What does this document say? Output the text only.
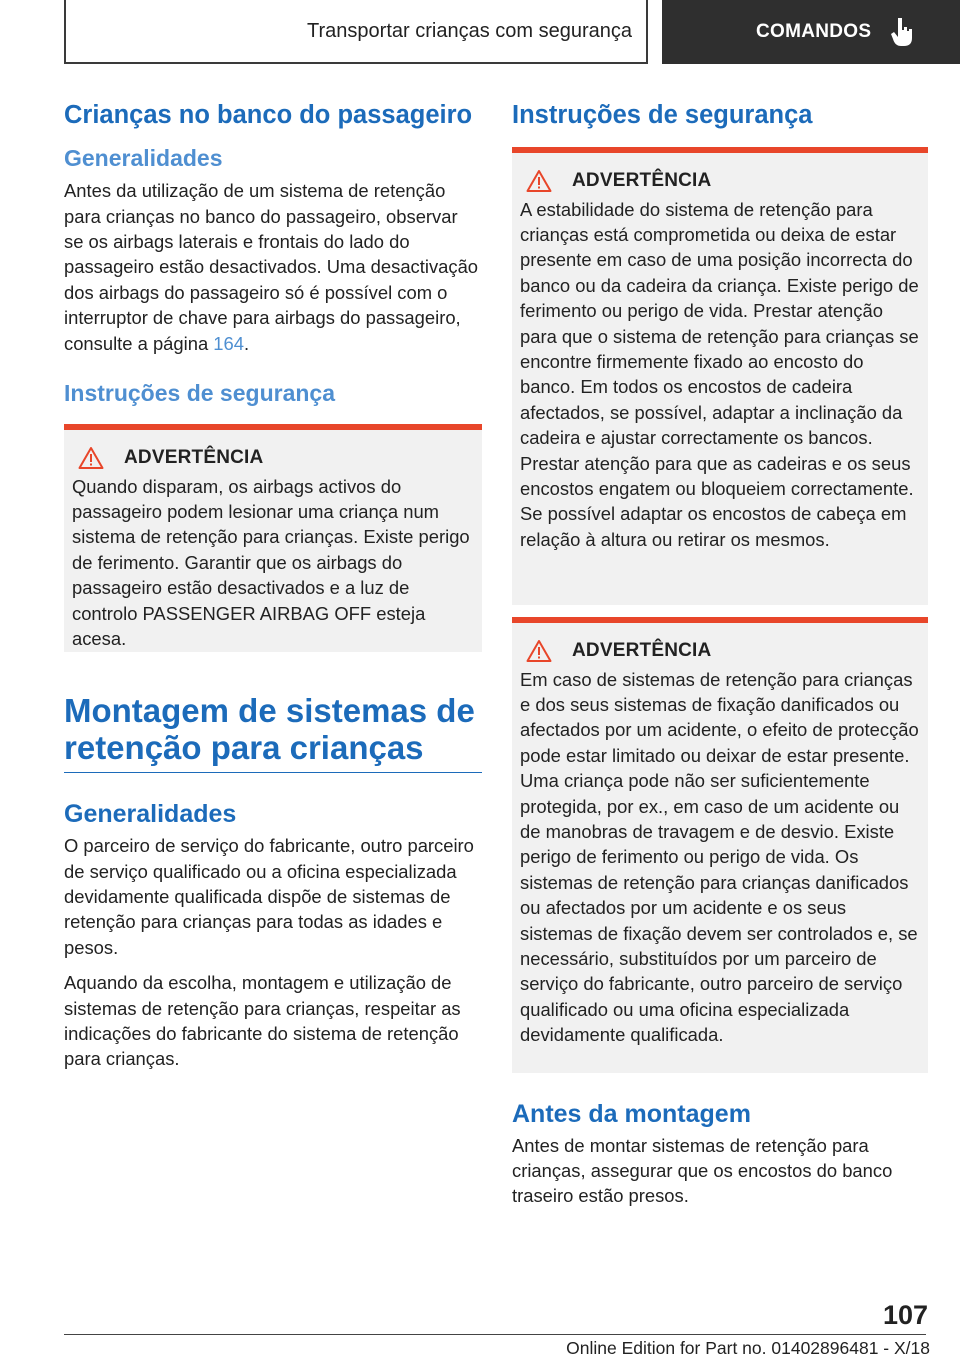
Transportar crianças com segurança	COMANDOS
Crianças no banco do passageiro
Generalidades

Antes da utilização de um sistema de retenção para crianças no banco do passageiro, observar se os airbags laterais e frontais do lado do passageiro estão desactivados. Uma desactivação dos airbags do passageiro só é possível com o interruptor de chave para airbags do passageiro, consulte a página 164.

Instruções de segurança
ADVERTÊNCIA

Quando disparam, os airbags activos do passageiro podem lesionar uma criança num sistema de retenção para crianças. Existe perigo de ferimento. Garantir que os airbags do passageiro estão desactivados e a luz de controlo PASSENGER AIRBAG OFF esteja acesa.

Montagem de sistemas de retenção para crianças
Generalidades

O parceiro de serviço do fabricante, outro parceiro de serviço qualificado ou a oficina especializada devidamente qualificada dispõe de sistemas de retenção para crianças para todas as idades e pesos.

Aquando da escolha, montagem e utilização de sistemas de retenção para crianças, respeitar as indicações do fabricante do sistema de retenção para crianças.

Instruções de segurança
ADVERTÊNCIA

A estabilidade do sistema de retenção para crianças está comprometida ou deixa de estar presente em caso de uma posição incorrecta do banco ou da cadeira da criança. Existe perigo de ferimento ou perigo de vida. Prestar atenção para que o sistema de retenção para crianças se encontre firmemente fixado ao encosto do banco. Em todos os encostos de cadeira afectados, se possível, adaptar a inclinação da cadeira e ajustar correctamente os bancos. Prestar atenção para que as cadeiras e os seus encostos engatem ou bloqueiem correctamente. Se possível adaptar os encostos de cabeça em relação à altura ou retirar os mesmos.

ADVERTÊNCIA

Em caso de sistemas de retenção para crianças e dos seus sistemas de fixação danificados ou afectados por um acidente, o efeito de protecção pode estar limitado ou deixar de estar presente. Uma criança pode não ser suficientemente protegida, por ex., em caso de um acidente ou de manobras de travagem e de desvio. Existe perigo de ferimento ou perigo de vida. Os sistemas de retenção para crianças danificados ou afectados por um acidente e os seus sistemas de fixação devem ser controlados e, se necessário, substituídos por um parceiro de serviço do fabricante, outro parceiro de serviço qualificado ou uma oficina especializada devidamente qualificada.

Antes da montagem

Antes de montar sistemas de retenção para crianças, assegurar que os encostos do banco traseiro estão presos.

107
Online Edition for Part no. 01402896481 - X/18
